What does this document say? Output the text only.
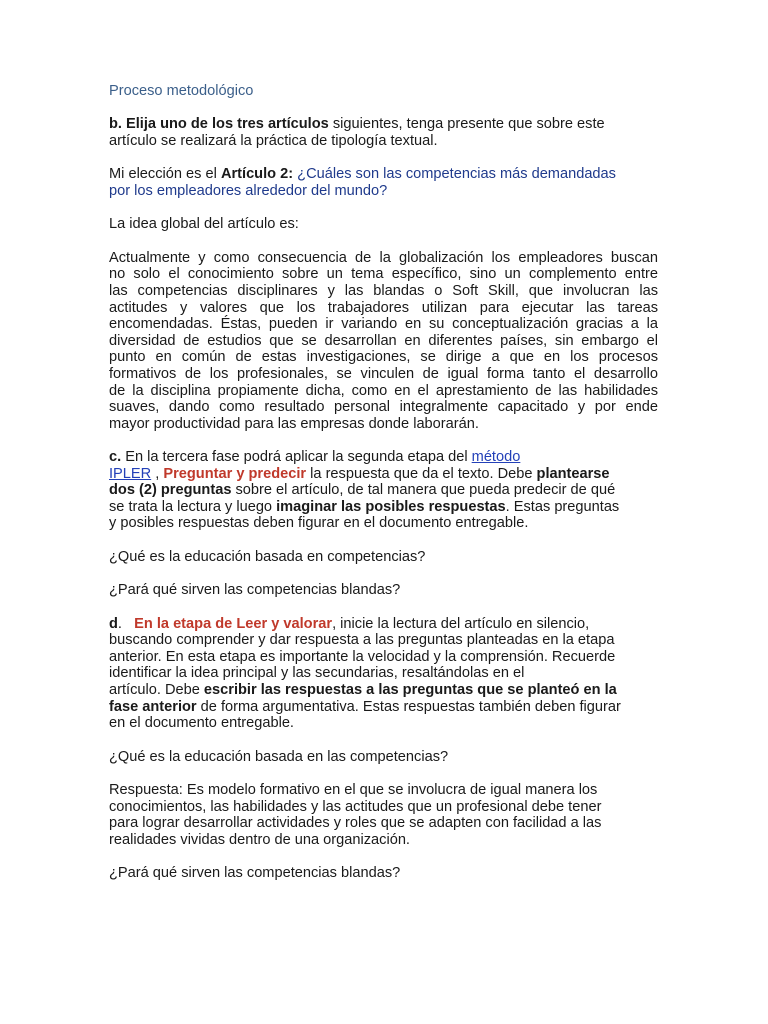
Proceso metodológico

b. Elija uno de los tres artículos siguientes, tenga presente que sobre este

artículo se realizará la práctica de tipología textual.

Mi elección es el Artículo 2: ¿Cuáles son las competencias más demandadas

por los empleadores alrededor del mundo?

La idea global del artículo es:

Actualmente y como consecuencia de la globalización los empleadores buscan

no solo el conocimiento sobre un tema específico, sino un complemento entre

las competencias disciplinares y las blandas o Soft Skill, que involucran las

actitudes y valores que los trabajadores utilizan para ejecutar las tareas

encomendadas. Éstas, pueden ir variando en su conceptualización gracias a la

diversidad de estudios que se desarrollan en diferentes países, sin embargo el

punto en común de estas investigaciones, se dirige a que en los procesos

formativos de los profesionales, se vinculen de igual forma tanto el desarrollo

de la disciplina propiamente dicha, como en el aprestamiento de las habilidades

suaves, dando como resultado personal integralmente capacitado y por ende

mayor productividad para las empresas donde laborarán.

c. En la tercera fase podrá aplicar la segunda etapa del método

IPLER , Preguntar y predecir la respuesta que da el texto. Debe plantearse

dos (2) preguntas sobre el artículo, de tal manera que pueda predecir de qué

se trata la lectura y luego imaginar las posibles respuestas. Estas preguntas

y posibles respuestas deben figurar en el documento entregable.

¿Qué es la educación basada en competencias?

¿Pará qué sirven las competencias blandas?

d.   En la etapa de Leer y valorar, inicie la lectura del artículo en silencio,

buscando comprender y dar respuesta a las preguntas planteadas en la etapa

anterior. En esta etapa es importante la velocidad y la comprensión. Recuerde

identificar la idea principal y las secundarias, resaltándolas en el

artículo. Debe escribir las respuestas a las preguntas que se planteó en la

fase anterior de forma argumentativa. Estas respuestas también deben figurar

en el documento entregable.

¿Qué es la educación basada en las competencias?

Respuesta: Es modelo formativo en el que se involucra de igual manera los

conocimientos, las habilidades y las actitudes que un profesional debe tener

para lograr desarrollar actividades y roles que se adapten con facilidad a las

realidades vividas dentro de una organización.

¿Pará qué sirven las competencias blandas?
